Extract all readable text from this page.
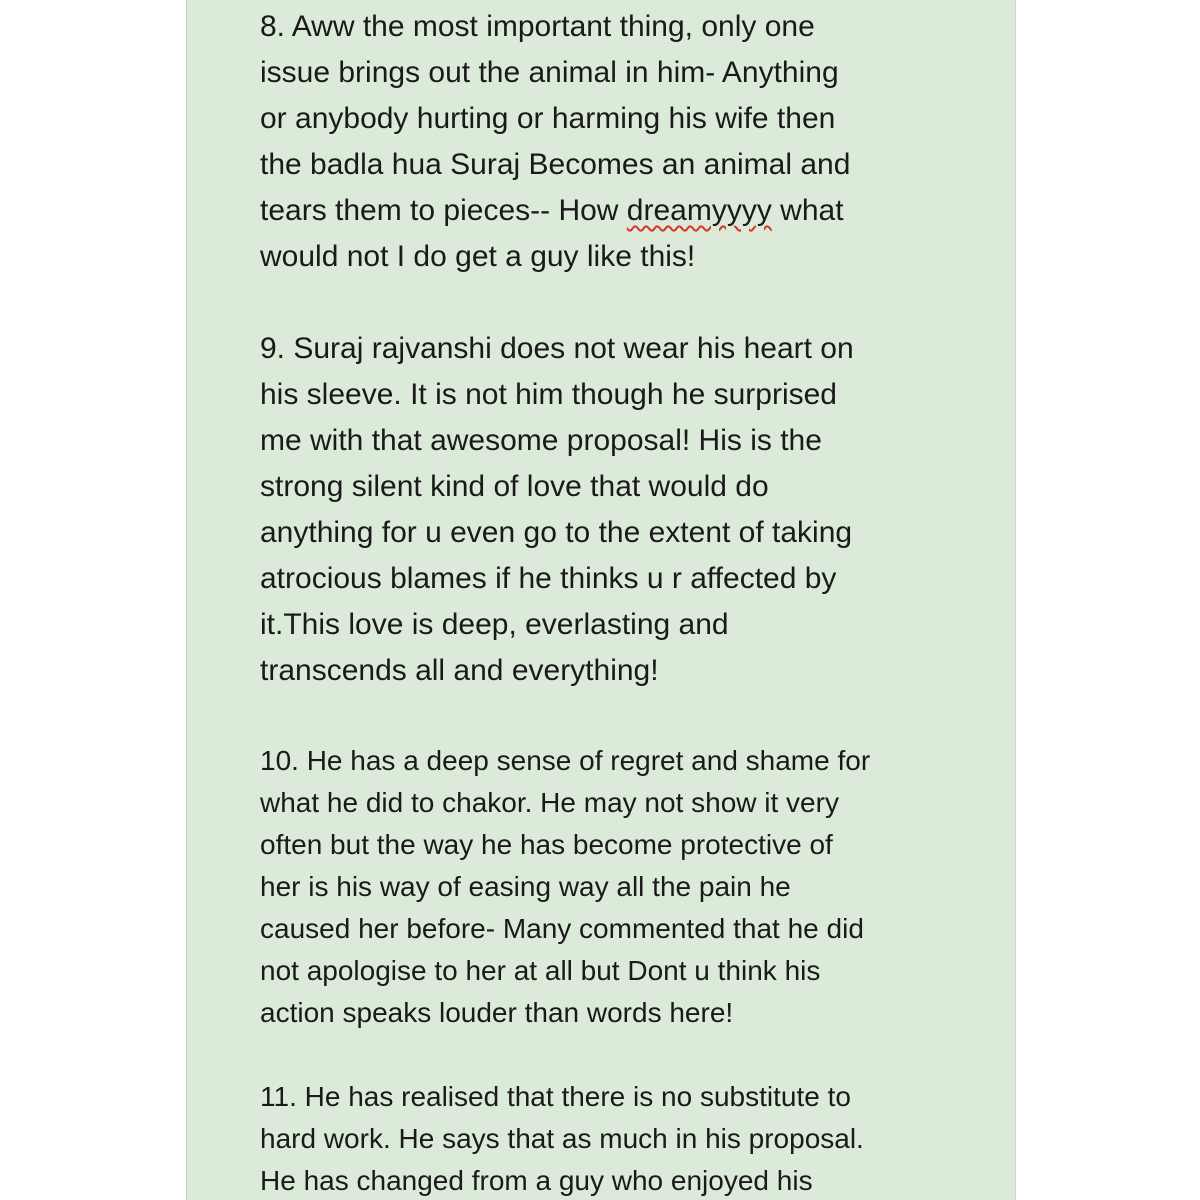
8. Aww the most important thing, only one
issue brings out the animal in him- Anything
or anybody hurting or harming his wife then
the badla hua Suraj Becomes an animal and
tears them to pieces-- How dreamyyyy what
would not I do get a guy like this!

9. Suraj rajvanshi does not wear his heart on
his sleeve. It is not him though he surprised
me with that awesome proposal! His is the
strong silent kind of love that would do
anything for u even go to the extent of taking
atrocious blames if he thinks u r affected by
it.This love is deep, everlasting and
transcends all and everything!

10. He has a deep sense of regret and shame for
what he did to chakor. He may not show it very
often but the way he has become protective of
her is his way of easing way all the pain he
caused her before- Many commented that he did
not apologise to her at all but Dont u think his
action speaks louder than words here!

11. He has realised that there is no substitute to
hard work. He says that as much in his proposal.
He has changed from a guy who enjoyed his
